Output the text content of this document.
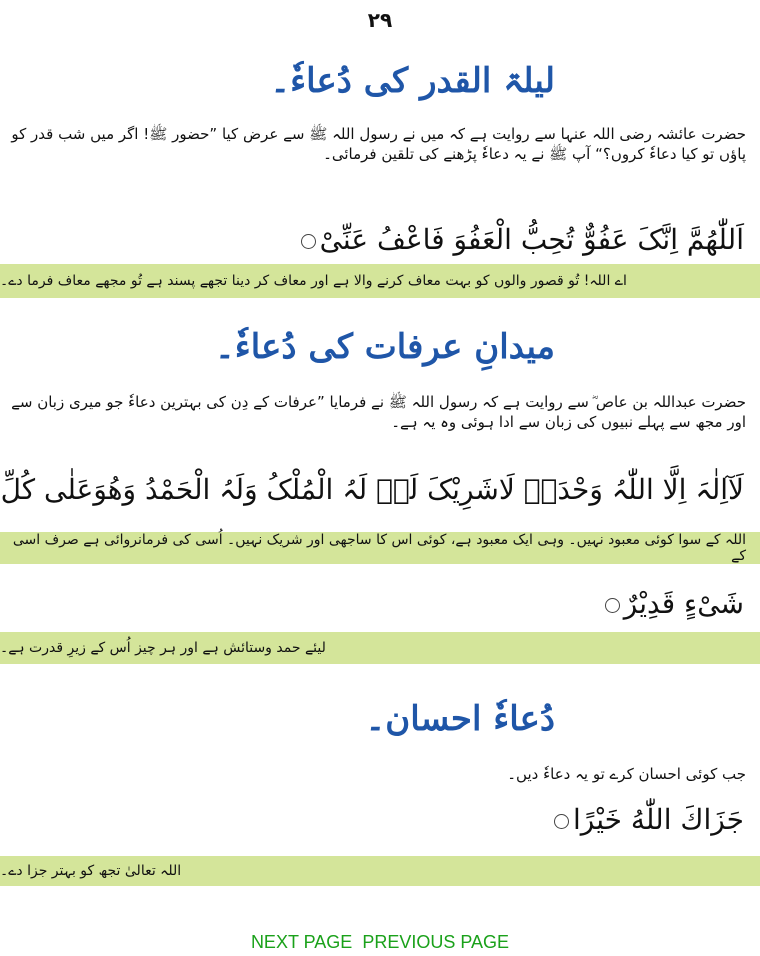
۲۹
لیلۃ القدر کی دُعاءٗ۔
حضرت عائشہ رضی اللہ عنہا سے روایت ہے کہ میں نے رسول اللہ ﷺ سے عرض کیا ”حضور ﷺ! اگر میں شب قدر کو پاؤں تو کیا دعاءٗ کروں؟“ آپ ﷺ نے یہ دعاءٗ پڑھنے کی تلقین فرمائی۔
اَللّٰھُمَّ اِنَّکَ عَفُوٌّ تُحِبُّ الْعَفُوَ فَاعْفُ عَنِّیْ
اے اللہ! تُو قصور والوں کو بہت معاف کرنے والا ہے اور معاف کر دینا تجھے پسند ہے تُو مجھے معاف فرما دے۔
میدانِ عرفات کی دُعاءٗ۔
حضرت عبداللہ بن عاص ؓ سے روایت ہے کہ رسول اللہ ﷺ نے فرمایا ”عرفات کے دِن کی بہترین دعاءٗ جو میری زبان سے اور مجھ سے پہلے نبیوں کی زبان سے ادا ہوئی وہ یہ ہے۔
لَآاِلٰہَ اِلَّا اللّٰہُ وَحْدَہٗ لَاشَرِیْکَ لَہٗ لَہُ الْمُلْکُ وَلَہُ الْحَمْدُ وَھُوَعَلٰی کُلِّ
اللہ کے سوا کوئی معبود نہیں۔ وہی ایک معبود ہے، کوئی اس کا ساجھی اور شریک نہیں۔ اُسی کی فرمانروائی ہے صرف اسی کے
شَیْءٍ قَدِیْرٌ
لیئے حمد وستائش ہے اور ہر چیز اُس کے زیرِ قدرت ہے۔
دُعاءٗ احسان۔
جب کوئی احسان کرے تو یہ دعاءٗ دیں۔
جَزَاكَ اللّٰهُ خَيْرًا
اللہ تعالیٰ تجھ کو بہتر جزا دے۔
NEXT PAGE PREVIOUS PAGE
